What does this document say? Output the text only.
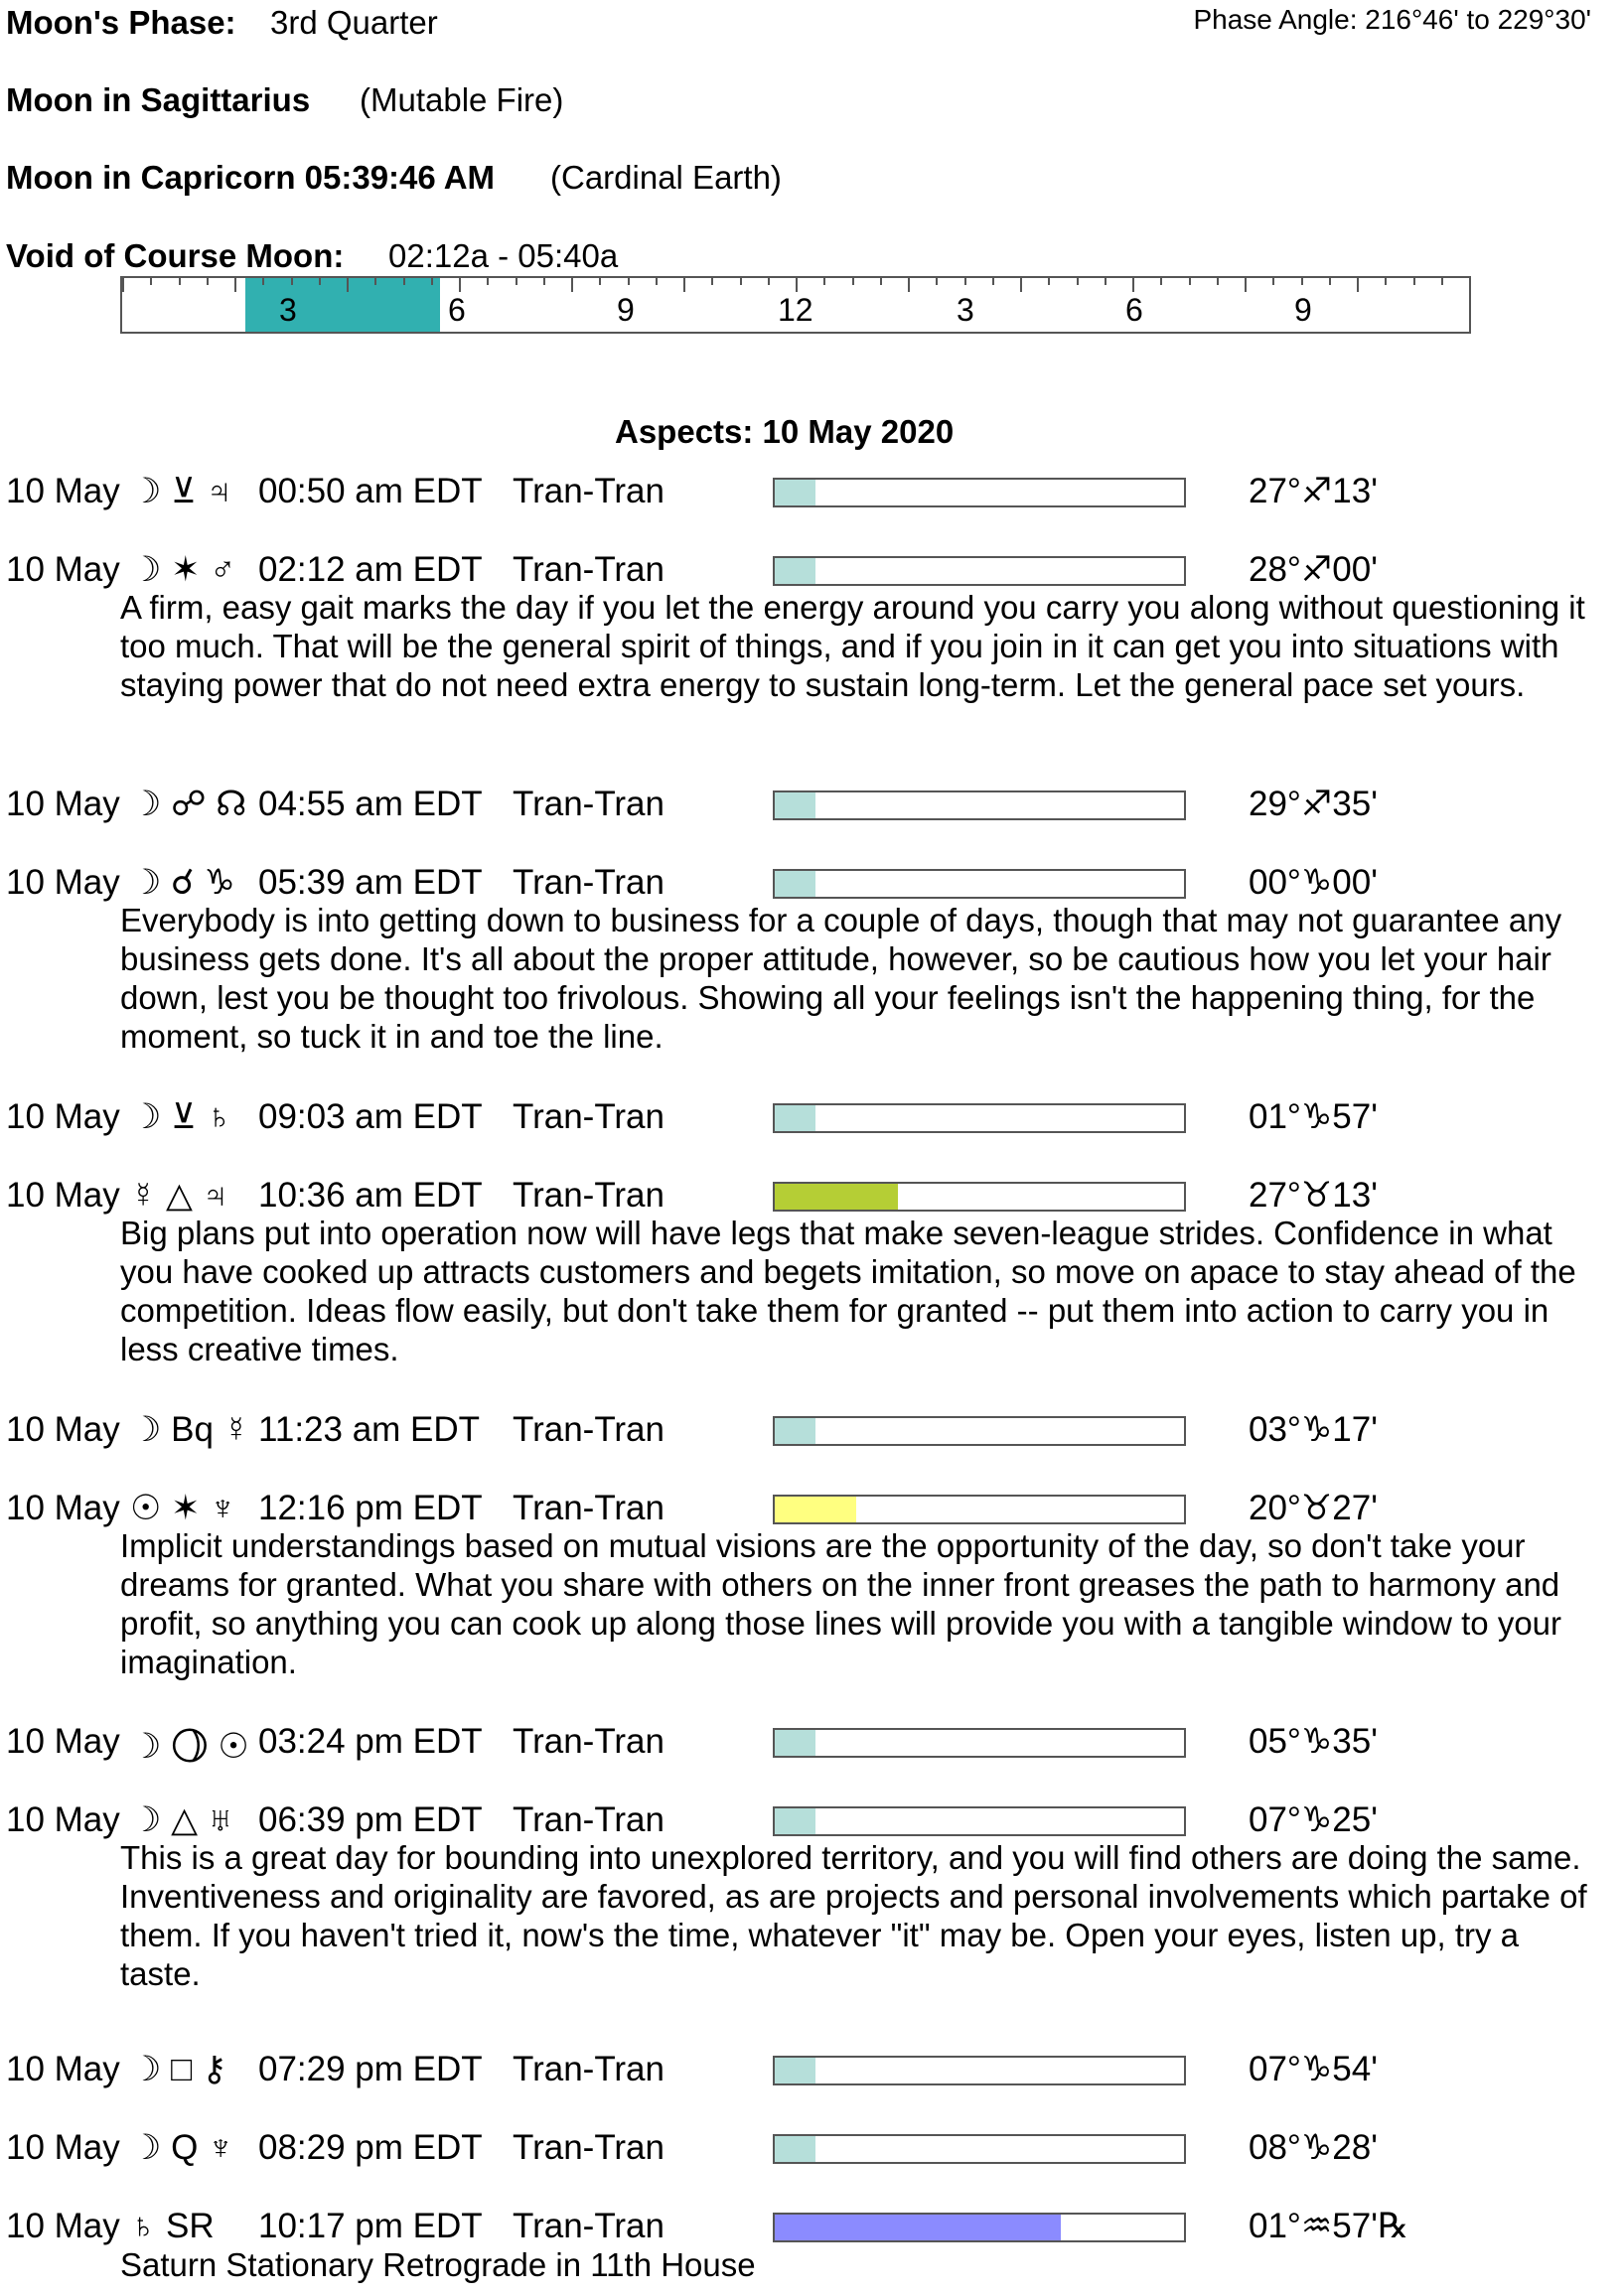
Moon's Phase: 3rd Quarter	Phase Angle: 216°46' to 229°30'
Moon in Sagittarius (Mutable Fire)
Moon in Capricorn 05:39:46 AM (Cardinal Earth)
Void of Course Moon: 02:12a - 05:40a
3	6	9	12	3	6	9
Aspects: 10 May 2020
10 May ☽ ⊻ ♃ 00:50 am EDT Tran-Tran	27°♐13'
10 May ☽ ✶ ♂ 02:12 am EDT Tran-Tran	28°♐00'
A firm, easy gait marks the day if you let the energy around you carry you along without questioning it too much. That will be the general spirit of things, and if you join in it can get you into situations with staying power that do not need extra energy to sustain long-term. Let the general pace set yours.
10 May ☽ ☍ ☊ 04:55 am EDT Tran-Tran	29°♐35'
10 May ☽ ☌ ♑ 05:39 am EDT Tran-Tran	00°♑00'
Everybody is into getting down to business for a couple of days, though that may not guarantee any business gets done. It's all about the proper attitude, however, so be cautious how you let your hair down, lest you be thought too frivolous. Showing all your feelings isn't the happening thing, for the moment, so tuck it in and toe the line.
10 May ☽ ⊻ ♄ 09:03 am EDT Tran-Tran	01°♑57'
10 May ☿ △ ♃ 10:36 am EDT Tran-Tran	27°♉13'
Big plans put into operation now will have legs that make seven-league strides. Confidence in what you have cooked up attracts customers and begets imitation, so move on apace to stay ahead of the competition. Ideas flow easily, but don't take them for granted -- put them into action to carry you in less creative times.
10 May ☽ Bq ☿ 11:23 am EDT Tran-Tran	03°♑17'
10 May ☉ ✶ ♆ 12:16 pm EDT Tran-Tran	20°♉27'
Implicit understandings based on mutual visions are the opportunity of the day, so don't take your dreams for granted. What you share with others on the inner front greases the path to harmony and profit, so anything you can cook up along those lines will provide you with a tangible window to your imagination.
10 May ☽ ⯖ ☉ 03:24 pm EDT Tran-Tran	05°♑35'
10 May ☽ △ ♅ 06:39 pm EDT Tran-Tran	07°♑25'
This is a great day for bounding into unexplored territory, and you will find others are doing the same. Inventiveness and originality are favored, as are projects and personal involvements which partake of them. If you haven't tried it, now's the time, whatever "it" may be. Open your eyes, listen up, try a taste.
10 May ☽ □ ⚷ 07:29 pm EDT Tran-Tran	07°♑54'
10 May ☽ Q ♆ 08:29 pm EDT Tran-Tran	08°♑28'
10 May ♄ SR 10:17 pm EDT Tran-Tran	01°♒57'℞
Saturn Stationary Retrograde in 11th House
